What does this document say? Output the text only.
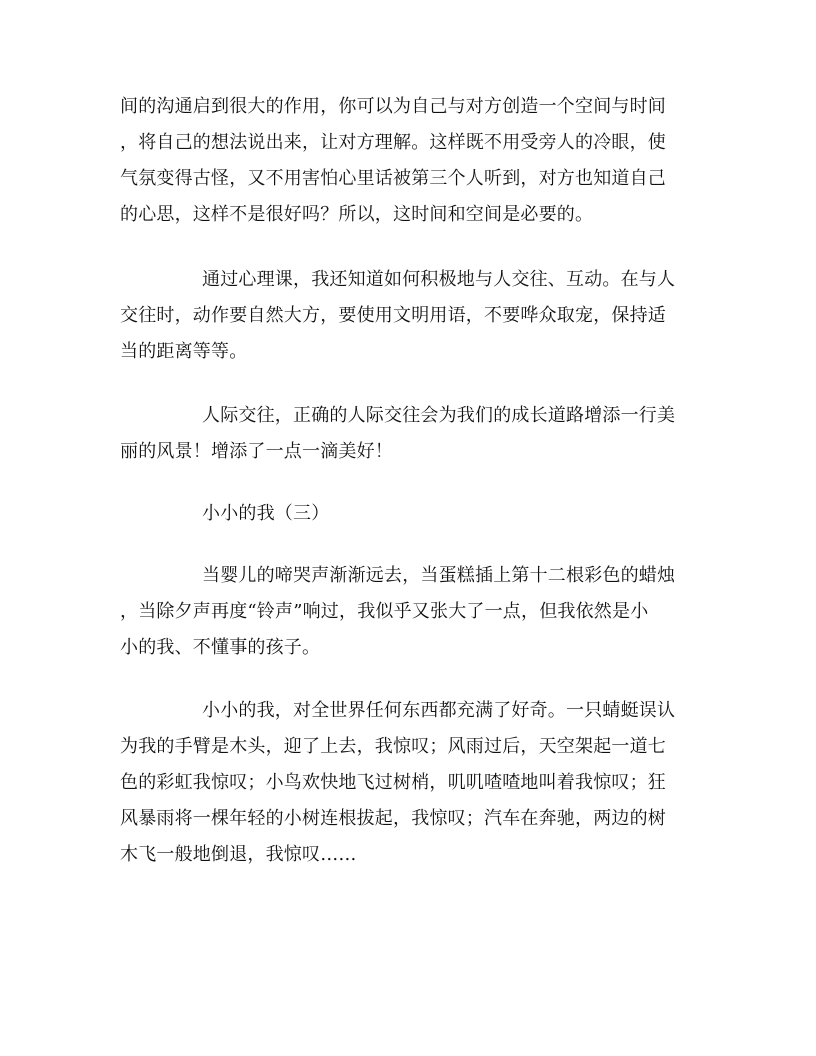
间的沟通启到很大的作用，你可以为自己与对方创造一个空间与时间
，将自己的想法说出来，让对方理解。这样既不用受旁人的冷眼，使
气氛变得古怪，又不用害怕心里话被第三个人听到，对方也知道自己
的心思，这样不是很好吗？所以，这时间和空间是必要的。
通过心理课，我还知道如何积极地与人交往、互动。在与人
交往时，动作要自然大方，要使用文明用语，不要哗众取宠，保持适
当的距离等等。
人际交往，正确的人际交往会为我们的成长道路增添一行美
丽的风景！增添了一点一滴美好！
小小的我（三）
当婴儿的啼哭声渐渐远去，当蛋糕插上第十二根彩色的蜡烛
，当除夕声再度“铃声”响过，我似乎又张大了一点，但我依然是小
小的我、不懂事的孩子。
小小的我，对全世界任何东西都充满了好奇。一只蜻蜓误认
为我的手臂是木头，迎了上去，我惊叹；风雨过后，天空架起一道七
色的彩虹我惊叹；小鸟欢快地飞过树梢，叽叽喳喳地叫着我惊叹；狂
风暴雨将一棵年轻的小树连根拔起，我惊叹；汽车在奔驰，两边的树
木飞一般地倒退，我惊叹……
